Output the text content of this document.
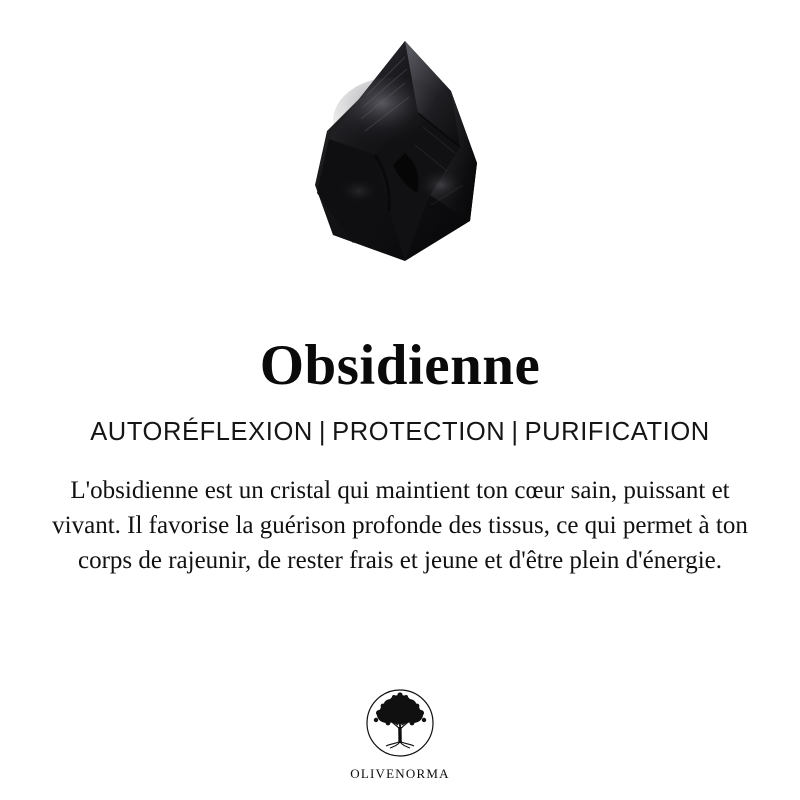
Obsidienne
AUTORÉFLEXION | PROTECTION | PURIFICATION

L'obsidienne est un cristal qui maintient ton cœur sain, puissant et vivant. Il favorise la guérison profonde des tissus, ce qui permet à ton corps de rajeunir, de rester frais et jeune et d'être plein d'énergie.

OLIVENORMA
